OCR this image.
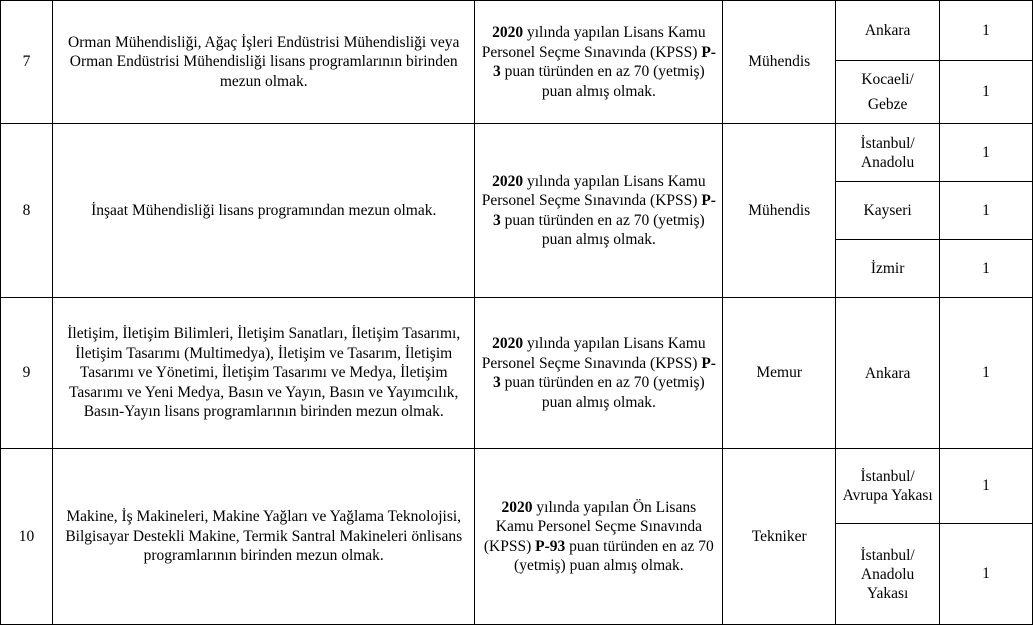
7	Orman Mühendisliği, Ağaç İşleri Endüstrisi Mühendisliği veya Orman Endüstrisi Mühendisliği lisans programlarının birinden mezun olmak.	2020 yılında yapılan Lisans Kamu Personel Seçme Sınavında (KPSS) P-3 puan türünden en az 70 (yetmiş) puan almış olmak.	Mühendis	Ankara	1
				Kocaeli/ Gebze	1
8	İnşaat Mühendisliği lisans programından mezun olmak.	2020 yılında yapılan Lisans Kamu Personel Seçme Sınavında (KPSS) P-3 puan türünden en az 70 (yetmiş) puan almış olmak.	Mühendis	İstanbul/ Anadolu	1
				Kayseri	1
				İzmir	1
9	İletişim, İletişim Bilimleri, İletişim Sanatları, İletişim Tasarımı, İletişim Tasarımı (Multimedya), İletişim ve Tasarım, İletişim Tasarımı ve Yönetimi, İletişim Tasarımı ve Medya, İletişim Tasarımı ve Yeni Medya, Basın ve Yayın, Basın ve Yayımcılık, Basın-Yayın lisans programlarının birinden mezun olmak.	2020 yılında yapılan Lisans Kamu Personel Seçme Sınavında (KPSS) P-3 puan türünden en az 70 (yetmiş) puan almış olmak.	Memur	Ankara	1
10	Makine, İş Makineleri, Makine Yağları ve Yağlama Teknolojisi, Bilgisayar Destekli Makine, Termik Santral Makineleri önlisans programlarının birinden mezun olmak.	2020 yılında yapılan Ön Lisans Kamu Personel Seçme Sınavında (KPSS) P-93 puan türünden en az 70 (yetmiş) puan almış olmak.	Tekniker	İstanbul/ Avrupa Yakası	1
				İstanbul/ Anadolu Yakası	1
